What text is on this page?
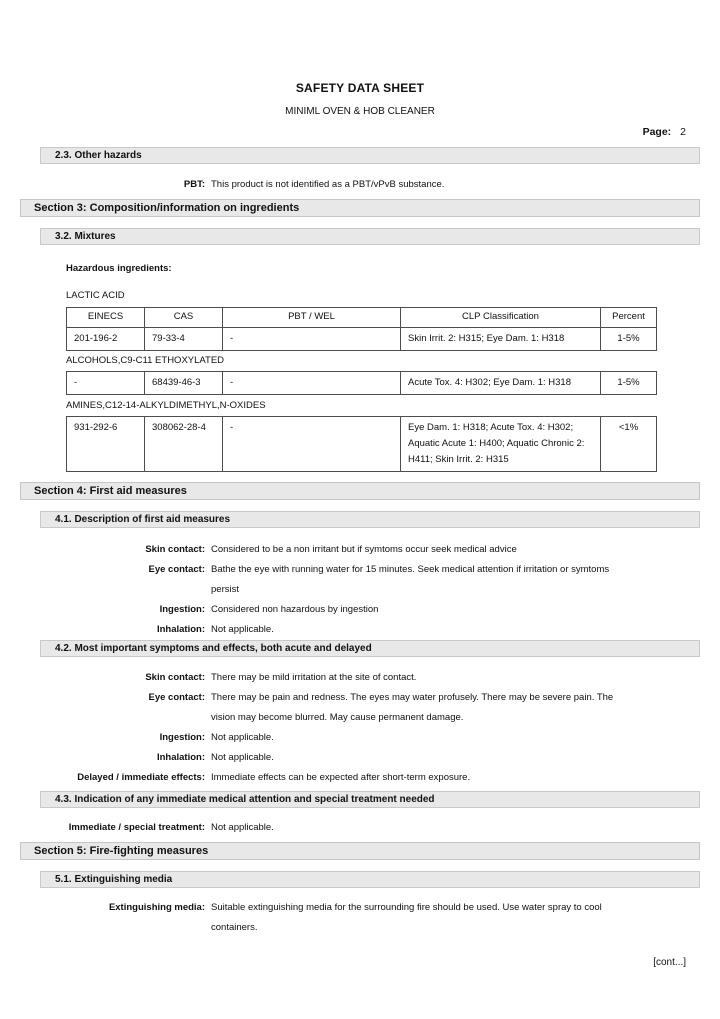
SAFETY DATA SHEET
MINIML OVEN & HOB CLEANER
Page: 2
2.3. Other hazards
PBT: This product is not identified as a PBT/vPvB substance.
Section 3: Composition/information on ingredients
3.2. Mixtures
Hazardous ingredients:
LACTIC ACID
EINECS	CAS	PBT / WEL	CLP Classification	Percent
201-196-2	79-33-4	-	Skin Irrit. 2: H315; Eye Dam. 1: H318	1-5%
ALCOHOLS,C9-C11 ETHOXYLATED
-	68439-46-3	-	Acute Tox. 4: H302; Eye Dam. 1: H318	1-5%
AMINES,C12-14-ALKYLDIMETHYL,N-OXIDES
931-292-6	308062-28-4	-	Eye Dam. 1: H318; Acute Tox. 4: H302; Aquatic Acute 1: H400; Aquatic Chronic 2: H411; Skin Irrit. 2: H315	<1%
Section 4: First aid measures
4.1. Description of first aid measures
Skin contact: Considered to be a non irritant but if symtoms occur seek medical advice
Eye contact: Bathe the eye with running water for 15 minutes. Seek medical attention if irritation or symtoms persist
Ingestion: Considered non hazardous by ingestion
Inhalation: Not applicable.
4.2. Most important symptoms and effects, both acute and delayed
Skin contact: There may be mild irritation at the site of contact.
Eye contact: There may be pain and redness. The eyes may water profusely. There may be severe pain. The vision may become blurred. May cause permanent damage.
Ingestion: Not applicable.
Inhalation: Not applicable.
Delayed / immediate effects: Immediate effects can be expected after short-term exposure.
4.3. Indication of any immediate medical attention and special treatment needed
Immediate / special treatment: Not applicable.
Section 5: Fire-fighting measures
5.1. Extinguishing media
Extinguishing media: Suitable extinguishing media for the surrounding fire should be used. Use water spray to cool containers.
[cont...]
